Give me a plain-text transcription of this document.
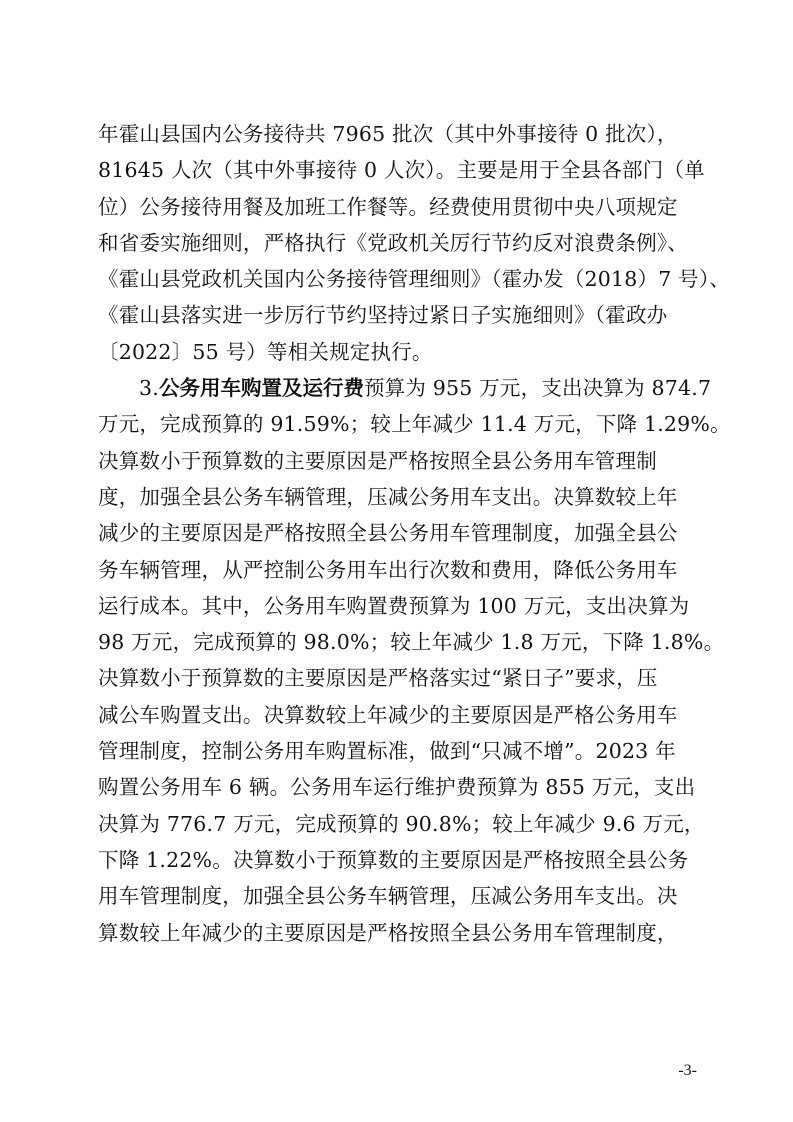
年霍山县国内公务接待共 7965 批次（其中外事接待 0 批次），
81645 人次（其中外事接待 0 人次）。主要是用于全县各部门（单
位）公务接待用餐及加班工作餐等。经费使用贯彻中央八项规定
和省委实施细则，严格执行《党政机关厉行节约反对浪费条例》、
《霍山县党政机关国内公务接待管理细则》（霍办发（2018）7 号）、
《霍山县落实进一步厉行节约坚持过紧日子实施细则》（霍政办
〔2022〕55 号）等相关规定执行。
3.公务用车购置及运行费预算为 955 万元，支出决算为 874.7
万元，完成预算的 91.59%；较上年减少 11.4 万元，下降 1.29%。
决算数小于预算数的主要原因是严格按照全县公务用车管理制
度，加强全县公务车辆管理，压减公务用车支出。决算数较上年
减少的主要原因是严格按照全县公务用车管理制度，加强全县公
务车辆管理，从严控制公务用车出行次数和费用，降低公务用车
运行成本。其中，公务用车购置费预算为 100 万元，支出决算为
98 万元，完成预算的 98.0%；较上年减少 1.8 万元，下降 1.8%。
决算数小于预算数的主要原因是严格落实过“紧日子”要求，压
减公车购置支出。决算数较上年减少的主要原因是严格公务用车
管理制度，控制公务用车购置标准，做到“只减不增”。2023 年
购置公务用车 6 辆。公务用车运行维护费预算为 855 万元，支出
决算为 776.7 万元，完成预算的 90.8%；较上年减少 9.6 万元，
下降 1.22%。决算数小于预算数的主要原因是严格按照全县公务
用车管理制度，加强全县公务车辆管理，压减公务用车支出。决
算数较上年减少的主要原因是严格按照全县公务用车管理制度，
-3-
